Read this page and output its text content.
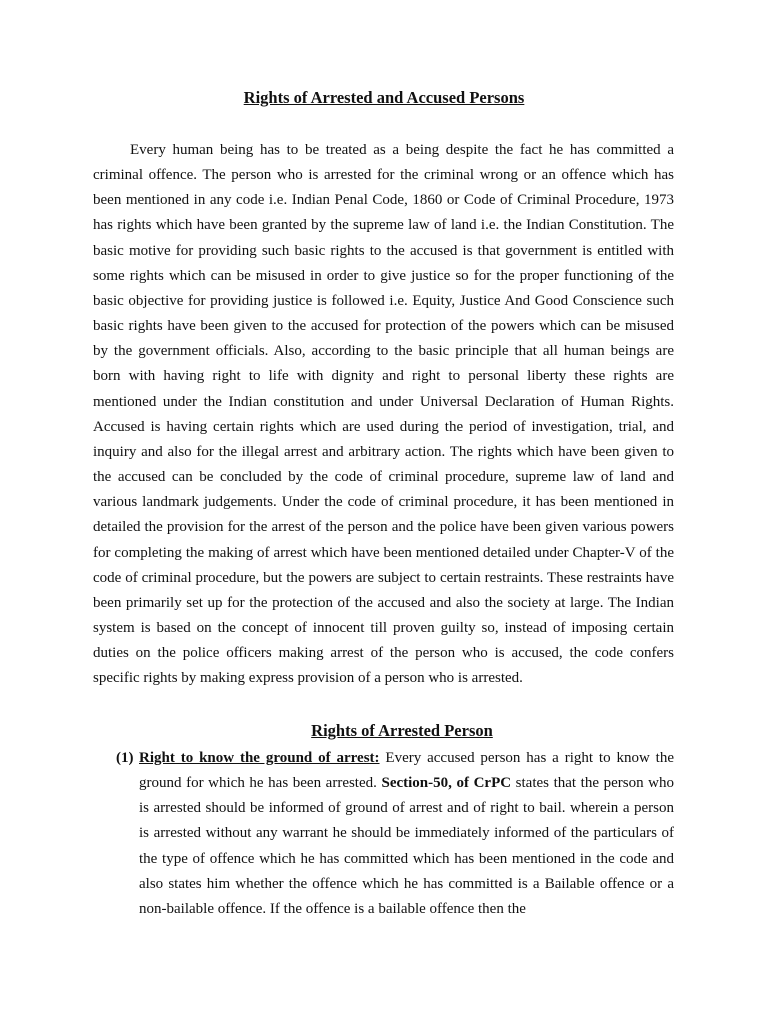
Rights of Arrested and Accused Persons

Every human being has to be treated as a being despite the fact he has committed a criminal offence. The person who is arrested for the criminal wrong or an offence which has been mentioned in any code i.e. Indian Penal Code, 1860 or Code of Criminal Procedure, 1973 has rights which have been granted by the supreme law of land i.e. the Indian Constitution. The basic motive for providing such basic rights to the accused is that government is entitled with some rights which can be misused in order to give justice so for the proper functioning of the basic objective for providing justice is followed i.e. Equity, Justice And Good Conscience such basic rights have been given to the accused for protection of the powers which can be misused by the government officials. Also, according to the basic principle that all human beings are born with having right to life with dignity and right to personal liberty these rights are mentioned under the Indian constitution and under Universal Declaration of Human Rights. Accused is having certain rights which are used during the period of investigation, trial, and inquiry and also for the illegal arrest and arbitrary action. The rights which have been given to the accused can be concluded by the code of criminal procedure, supreme law of land and various landmark judgements. Under the code of criminal procedure, it has been mentioned in detailed the provision for the arrest of the person and the police have been given various powers for completing the making of arrest which have been mentioned detailed under Chapter-V of the code of criminal procedure, but the powers are subject to certain restraints. These restraints have been primarily set up for the protection of the accused and also the society at large. The Indian system is based on the concept of innocent till proven guilty so, instead of imposing certain duties on the police officers making arrest of the person who is accused, the code confers specific rights by making express provision of a person who is arrested.

Rights of Arrested Person
(1) Right to know the ground of arrest: Every accused person has a right to know the ground for which he has been arrested. Section-50, of CrPC states that the person who is arrested should be informed of ground of arrest and of right to bail. wherein a person is arrested without any warrant he should be immediately informed of the particulars of the type of offence which he has committed which has been mentioned in the code and also states him whether the offence which he has committed is a Bailable offence or a non-bailable offence. If the offence is a bailable offence then the
